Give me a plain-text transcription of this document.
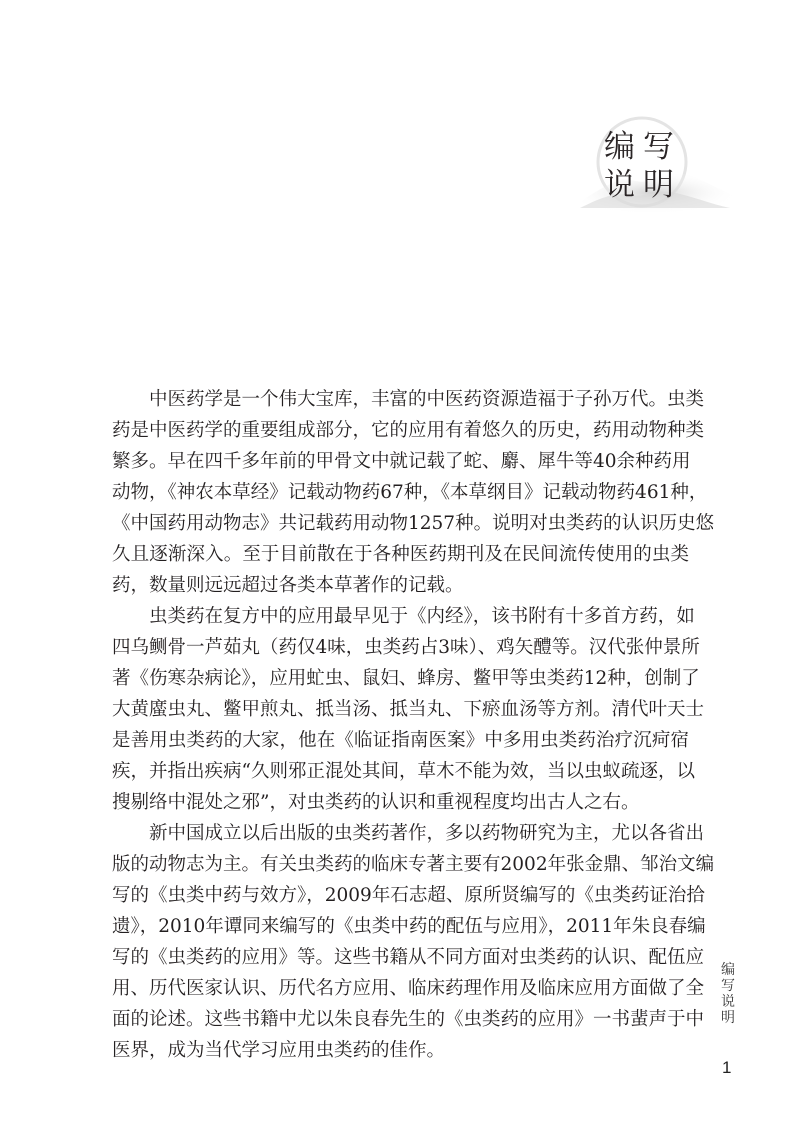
编写
说明
中医药学是一个伟大宝库，丰富的中医药资源造福于子孙万代。虫类
药是中医药学的重要组成部分，它的应用有着悠久的历史，药用动物种类
繁多。早在四千多年前的甲骨文中就记载了蛇、麝、犀牛等40余种药用
动物，《神农本草经》记载动物药67种，《本草纲目》记载动物药461种，
《中国药用动物志》共记载药用动物1257种。说明对虫类药的认识历史悠
久且逐渐深入。至于目前散在于各种医药期刊及在民间流传使用的虫类
药，数量则远远超过各类本草著作的记载。
虫类药在复方中的应用最早见于《内经》，该书附有十多首方药，如
四乌鲗骨一芦茹丸（药仅4味，虫类药占3味）、鸡矢醴等。汉代张仲景所
著《伤寒杂病论》，应用虻虫、鼠妇、蜂房、鳖甲等虫类药12种，创制了
大黄䗪虫丸、鳖甲煎丸、抵当汤、抵当丸、下瘀血汤等方剂。清代叶天士
是善用虫类药的大家，他在《临证指南医案》中多用虫类药治疗沉疴宿
疾，并指出疾病“久则邪正混处其间，草木不能为效，当以虫蚁疏逐，以
搜剔络中混处之邪”，对虫类药的认识和重视程度均出古人之右。
新中国成立以后出版的虫类药著作，多以药物研究为主，尤以各省出
版的动物志为主。有关虫类药的临床专著主要有2002年张金鼎、邹治文编
写的《虫类中药与效方》，2009年石志超、原所贤编写的《虫类药证治拾
遗》，2010年谭同来编写的《虫类中药的配伍与应用》，2011年朱良春编
写的《虫类药的应用》等。这些书籍从不同方面对虫类药的认识、配伍应
用、历代医家认识、历代名方应用、临床药理作用及临床应用方面做了全
面的论述。这些书籍中尤以朱良春先生的《虫类药的应用》一书蜚声于中
医界，成为当代学习应用虫类药的佳作。
编
写
说
明
1
